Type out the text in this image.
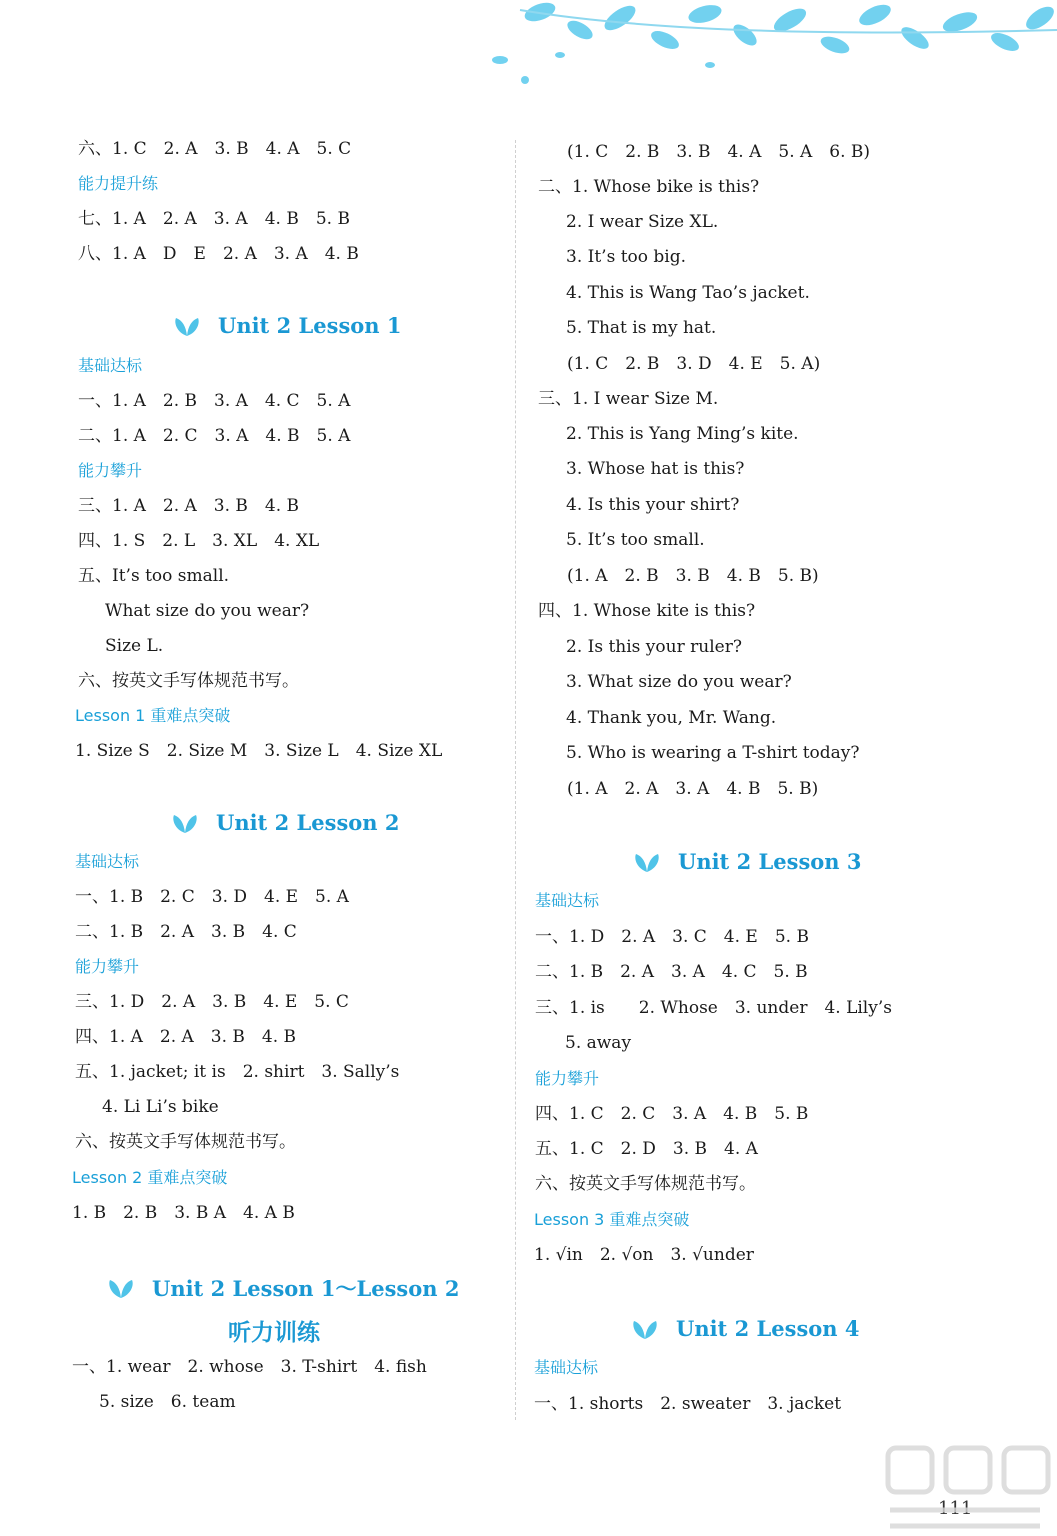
六、1. C　2. A　3. B　4. A　5. C
能力提升练
七、1. A　2. A　3. A　4. B　5. B
八、1. A　D　E　2. A　3. A　4. B
Unit 2 Lesson 1
基础达标
一、1. A　2. B　3. A　4. C　5. A
二、1. A　2. C　3. A　4. B　5. A
能力攀升
三、1. A　2. A　3. B　4. B
四、1. S　2. L　3. XL　4. XL
五、It’s too small.
What size do you wear?
Size L.
六、按英文手写体规范书写。
Lesson 1 重难点突破
1. Size S　2. Size M　3. Size L　4. Size XL
Unit 2 Lesson 2
基础达标
一、1. B　2. C　3. D　4. E　5. A
二、1. B　2. A　3. B　4. C
能力攀升
三、1. D　2. A　3. B　4. E　5. C
四、1. A　2. A　3. B　4. B
五、1. jacket; it is　2. shirt　3. Sally’s
4. Li Li’s bike
六、按英文手写体规范书写。
Lesson 2 重难点突破
1. B　2. B　3. B A　4. A B
Unit 2 Lesson 1～Lesson 2
听力训练
一、1. wear　2. whose　3. T-shirt　4. fish
5. size　6. team
(1. C　2. B　3. B　4. A　5. A　6. B)
二、1. Whose bike is this?
2. I wear Size XL.
3. It’s too big.
4. This is Wang Tao’s jacket.
5. That is my hat.
(1. C　2. B　3. D　4. E　5. A)
三、1. I wear Size M.
2. This is Yang Ming’s kite.
3. Whose hat is this?
4. Is this your shirt?
5. It’s too small.
(1. A　2. B　3. B　4. B　5. B)
四、1. Whose kite is this?
2. Is this your ruler?
3. What size do you wear?
4. Thank you, Mr. Wang.
5. Who is wearing a T-shirt today?
(1. A　2. A　3. A　4. B　5. B)
Unit 2 Lesson 3
基础达标
一、1. D　2. A　3. C　4. E　5. B
二、1. B　2. A　3. A　4. C　5. B
三、1. is　　2. Whose　3. under　4. Lily’s
5. away
能力攀升
四、1. C　2. C　3. A　4. B　5. B
五、1. C　2. D　3. B　4. A
六、按英文手写体规范书写。
Lesson 3 重难点突破
1. √in　2. √on　3. √under
Unit 2 Lesson 4
基础达标
一、1. shorts　2. sweater　3. jacket
111
